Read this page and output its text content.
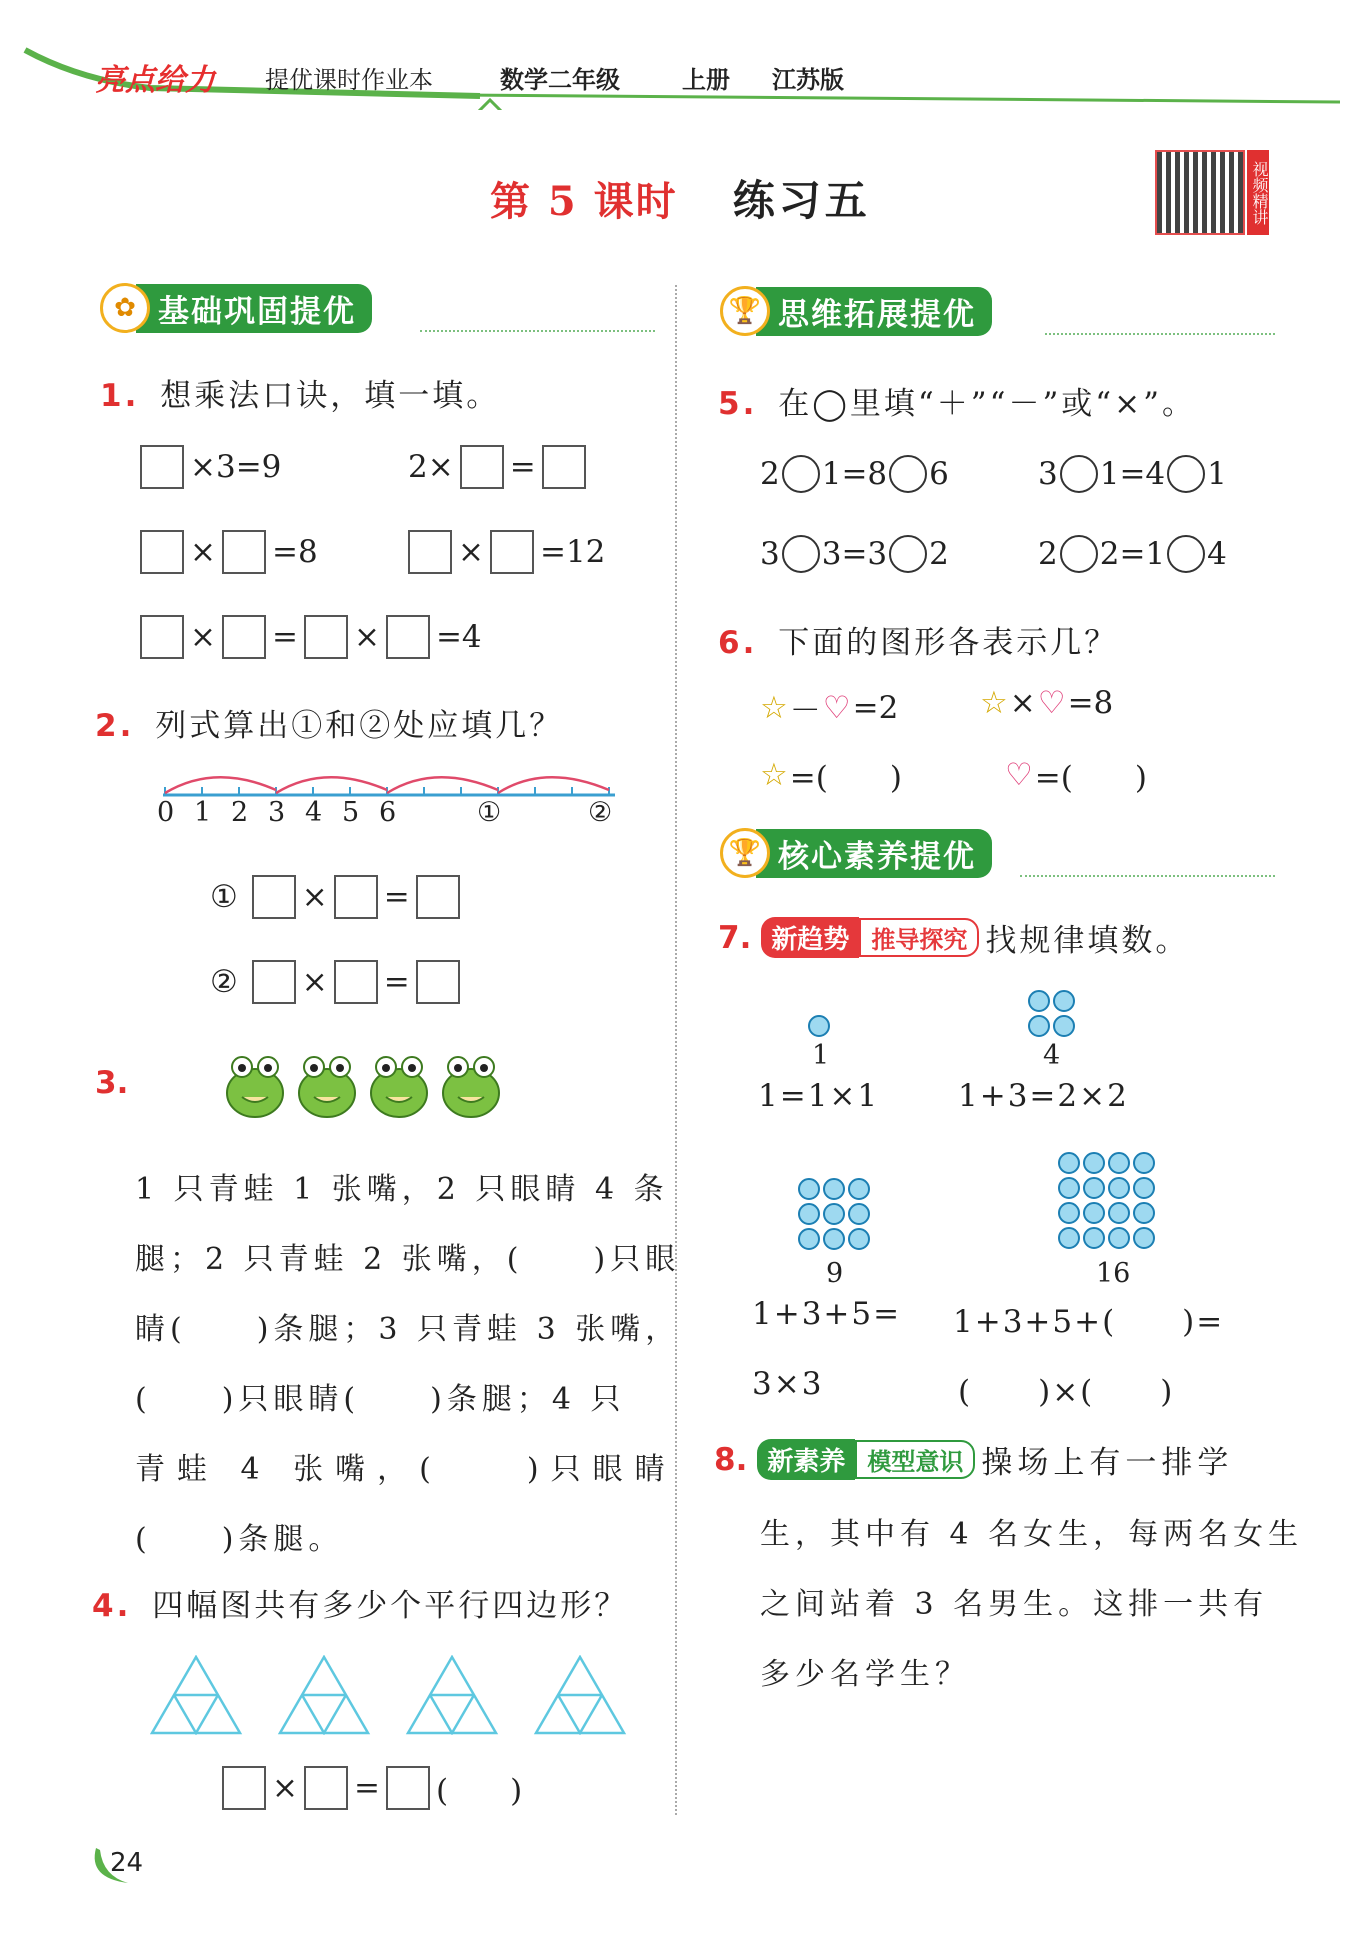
亮点给力 提优课时作业本	数学二年级	上册 江苏版
第 5 课时 练习五	视频精讲
✿ 基础巩固提优
1. 想乘法口诀，填一填。
×3=9	2× =
× =8	× =12
× = × =4
2. 列式算出①和②处应填几？
0 1 2 3 4 5 6	①	②
① × =
② × =
3.
1 只青蛙 1 张嘴，2 只眼睛 4 条
腿；2 只青蛙 2 张嘴，(　　)只眼
睛(　　)条腿；3 只青蛙 3 张嘴，
(　　)只眼睛(　　)条腿；4 只
青蛙 4 张嘴，(　　)只眼睛
(　　)条腿。
4. 四幅图共有多少个平行四边形？
× = (　　)
🏆 思维拓展提优
5. 在◯里填“＋”“－”或“×”。
2 1=8 6	3 1=4 1
3 3=3 2	2 2=1 4
6. 下面的图形各表示几？
☆ － ♡ =2	☆ × ♡ =8
☆ =(　　)	♡ =(　　)
🏆 核心素养提优
7. 新趋势 推导探究 找规律填数。
1
1=1×1
4
1+3=2×2
9
1+3+5=
3×3
16
1+3+5+(　　)=
(　　)×(　　)
8. 新素养 模型意识 操场上有一排学
生，其中有 4 名女生，每两名女生
之间站着 3 名男生。这排一共有
多少名学生？
24
